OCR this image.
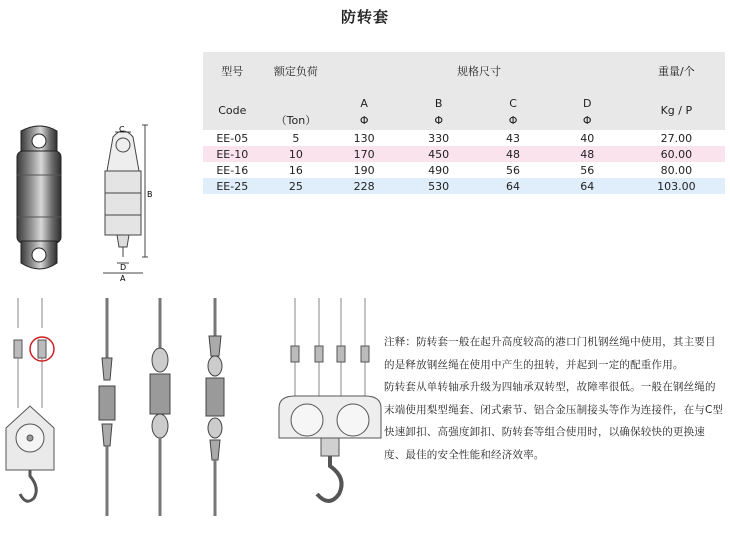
防转套
型号	额定负荷	规格尺寸				重量/个
Code	（Ton）	A	B	C	D	Kg / P
		Φ	Φ	Φ	Φ	
EE-05	5	130	330	43	40	27.00
EE-10	10	170	450	48	48	60.00
EE-16	16	190	490	56	56	80.00
EE-25	25	228	530	64	64	103.00
C
B
D
A

注释：防转套一般在起升高度较高的港口门机钢丝绳中使用，其主要目的是释放钢丝绳在使用中产生的扭转，并起到一定的配重作用。

防转套从单转轴承升级为四轴承双转型，故障率很低。一般在钢丝绳的末端使用梨型绳套、闭式索节、铝合金压制接头等作为连接件，在与C型快速卸扣、高强度卸扣、防转套等组合使用时，以确保较快的更换速度、最佳的安全性能和经济效率。
